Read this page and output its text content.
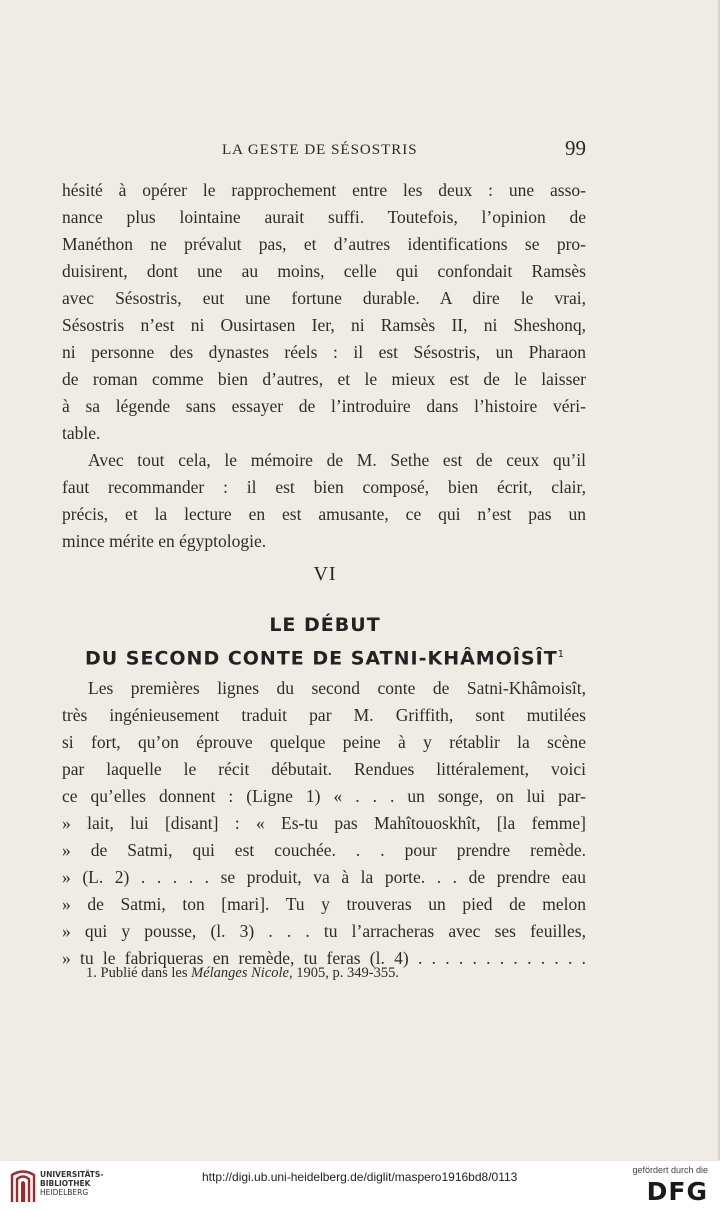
LA GESTE DE SÉSOSTRIS	99
hésité à opérer le rapprochement entre les deux : une asso-
nance plus lointaine aurait suffi. Toutefois, l’opinion de
Manéthon ne prévalut pas, et d’autres identifications se pro-
duisirent, dont une au moins, celle qui confondait Ramsès
avec Sésostris, eut une fortune durable. A dire le vrai,
Sésostris n’est ni Ousirtasen Ier, ni Ramsès II, ni Sheshonq,
ni personne des dynastes réels : il est Sésostris, un Pharaon
de roman comme bien d’autres, et le mieux est de le laisser
à sa légende sans essayer de l’introduire dans l’histoire véri-
table.
Avec tout cela, le mémoire de M. Sethe est de ceux qu’il
faut recommander : il est bien composé, bien écrit, clair,
précis, et la lecture en est amusante, ce qui n’est pas un
mince mérite en égyptologie.
VI
LE DÉBUT
DU SECOND CONTE DE SATNI-KHÂMOÎSÎT$^1$
Les premières lignes du second conte de Satni-Khâmoisît,
très ingénieusement traduit par M. Griffith, sont mutilées
si fort, qu’on éprouve quelque peine à y rétablir la scène
par laquelle le récit débutait. Rendues littéralement, voici
ce qu’elles donnent : (Ligne 1) « . . . un songe, on lui par-
» lait, lui [disant] : « Es-tu pas Mahîtouoskhît, [la femme]
» de Satmi, qui est couchée. . . pour prendre remède.
» (L. 2) . . . . . se produit, va à la porte. . . de prendre eau
» de Satmi, ton [mari]. Tu y trouveras un pied de melon
» qui y pousse, (l. 3) . . . tu l’arracheras avec ses feuilles,
» tu le fabriqueras en remède, tu feras (l. 4) . . . . . . . . . . . . .
1. Publié dans les Mélanges Nicole, 1905, p. 349-355.
UNIVERSITÄTS-
BIBLIOTHEK
HEIDELBERG
http://digi.ub.uni-heidelberg.de/diglit/maspero1916bd8/0113	gefördert durch die
DFG
